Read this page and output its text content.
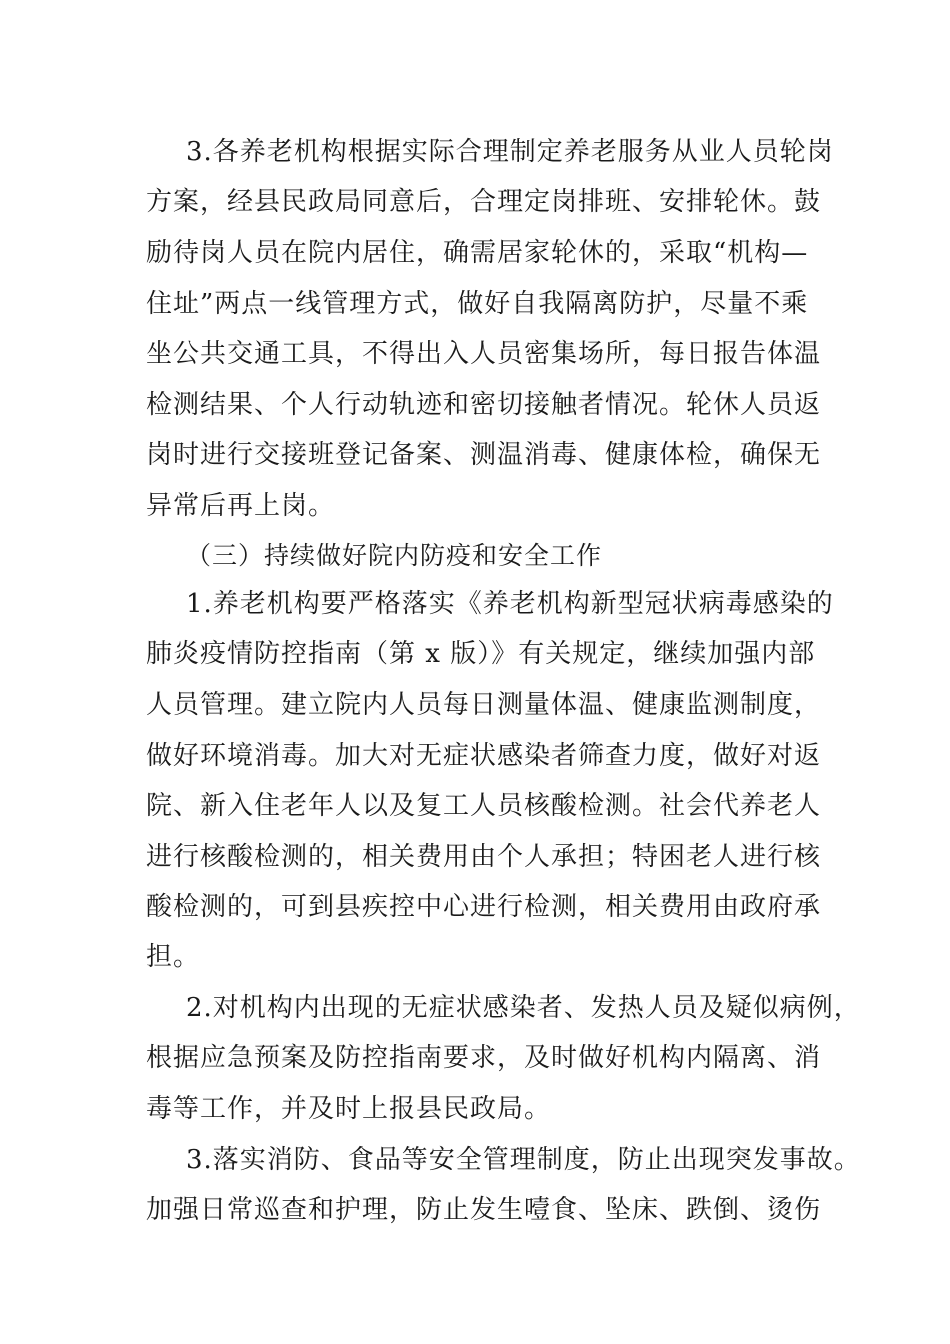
3.各养老机构根据实际合理制定养老服务从业人员轮岗
方案，经县民政局同意后，合理定岗排班、安排轮休。鼓
励待岗人员在院内居住，确需居家轮休的，采取“机构—
住址”两点一线管理方式，做好自我隔离防护，尽量不乘
坐公共交通工具，不得出入人员密集场所，每日报告体温
检测结果、个人行动轨迹和密切接触者情况。轮休人员返
岗时进行交接班登记备案、测温消毒、健康体检，确保无
异常后再上岗。
（三）持续做好院内防疫和安全工作
1.养老机构要严格落实《养老机构新型冠状病毒感染的
肺炎疫情防控指南（第 x 版）》有关规定，继续加强内部
人员管理。建立院内人员每日测量体温、健康监测制度，
做好环境消毒。加大对无症状感染者筛查力度，做好对返
院、新入住老年人以及复工人员核酸检测。社会代养老人
进行核酸检测的，相关费用由个人承担；特困老人进行核
酸检测的，可到县疾控中心进行检测，相关费用由政府承
担。
2.对机构内出现的无症状感染者、发热人员及疑似病例，
根据应急预案及防控指南要求，及时做好机构内隔离、消
毒等工作，并及时上报县民政局。
3.落实消防、食品等安全管理制度，防止出现突发事故。
加强日常巡查和护理，防止发生噎食、坠床、跌倒、烫伤
